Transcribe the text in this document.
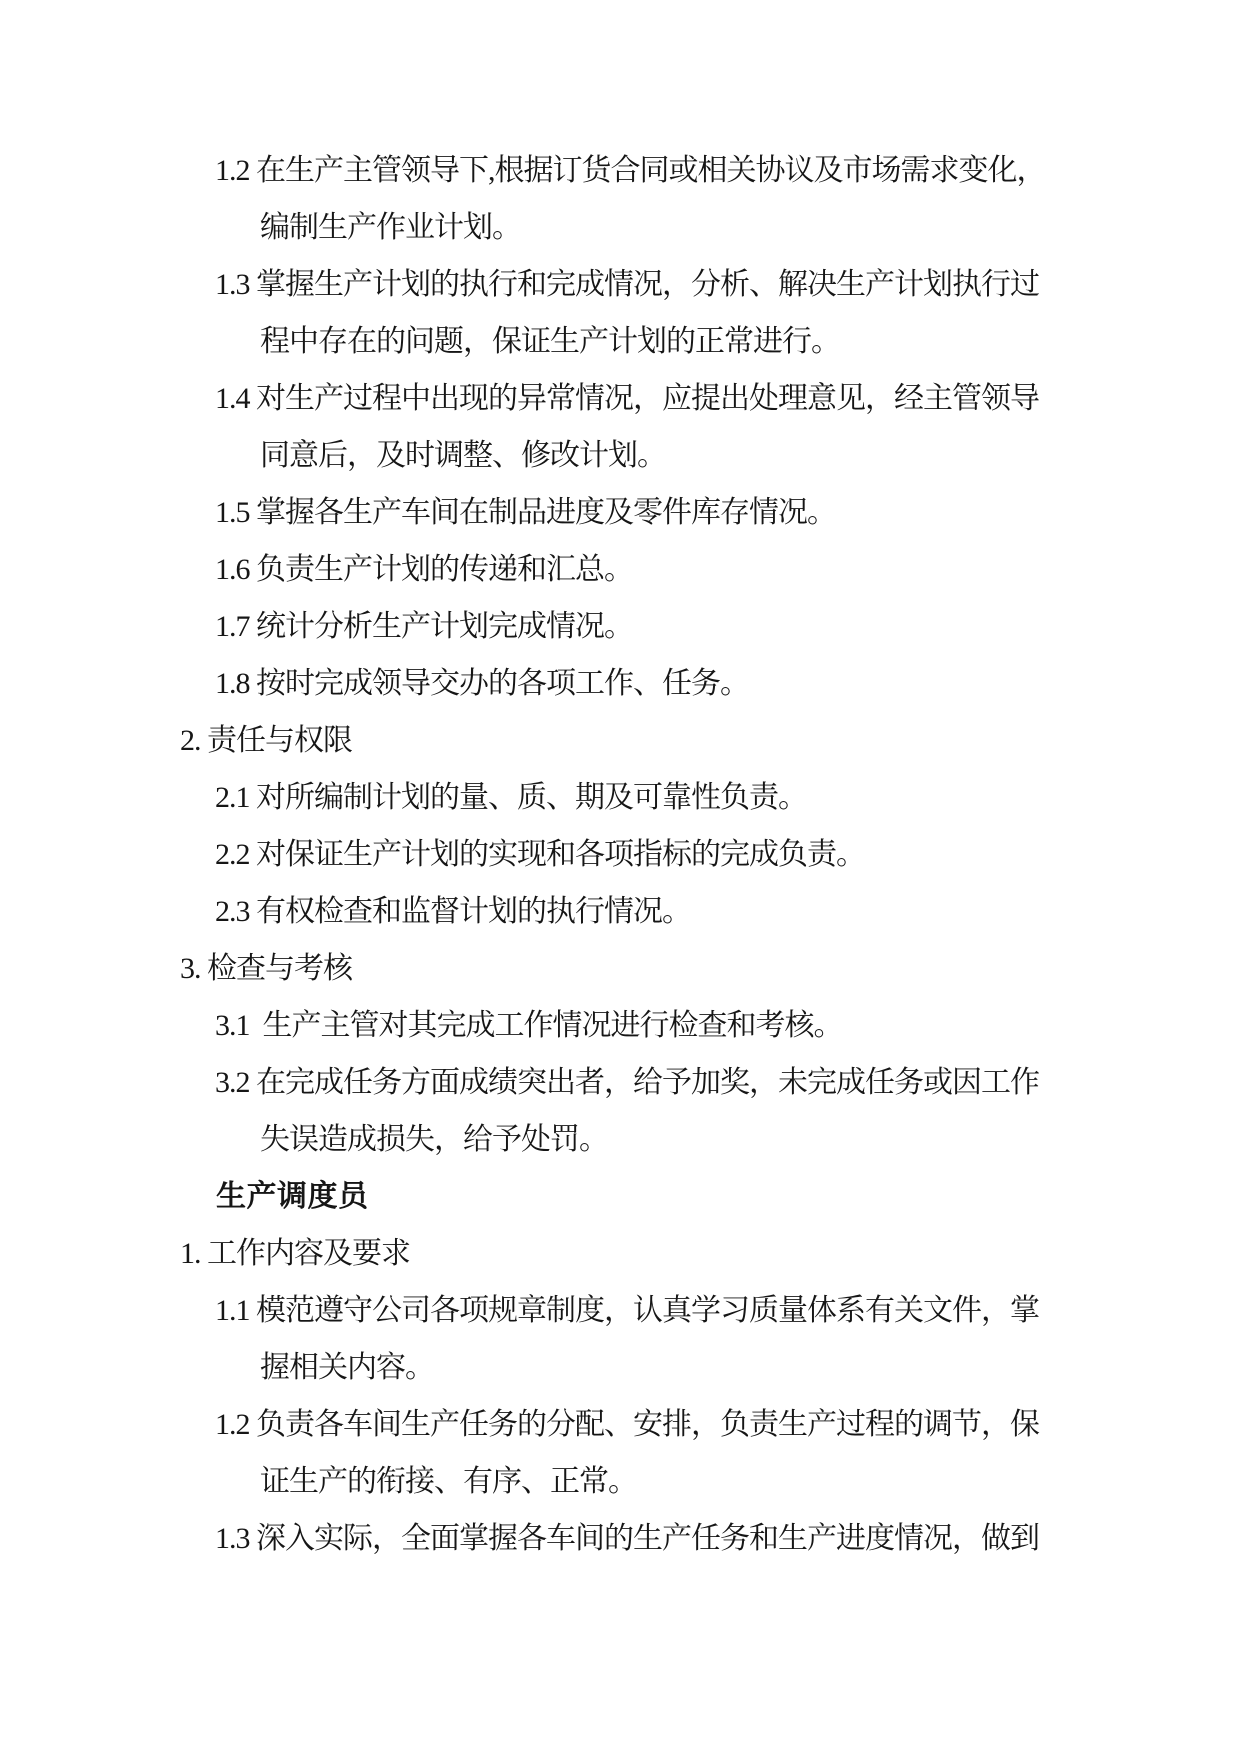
1.2 在生产主管领导下,根据订货合同或相关协议及市场需求变化，
编制生产作业计划。
1.3 掌握生产计划的执行和完成情况，分析、解决生产计划执行过
程中存在的问题，保证生产计划的正常进行。
1.4 对生产过程中出现的异常情况，应提出处理意见，经主管领导
同意后，及时调整、修改计划。
1.5 掌握各生产车间在制品进度及零件库存情况。
1.6 负责生产计划的传递和汇总。
1.7 统计分析生产计划完成情况。
1.8 按时完成领导交办的各项工作、任务。
2. 责任与权限
2.1 对所编制计划的量、质、期及可靠性负责。
2.2 对保证生产计划的实现和各项指标的完成负责。
2.3 有权检查和监督计划的执行情况。
3. 检查与考核
3.1  生产主管对其完成工作情况进行检查和考核。
3.2 在完成任务方面成绩突出者，给予加奖，未完成任务或因工作
失误造成损失，给予处罚。
生产调度员
1. 工作内容及要求
1.1 模范遵守公司各项规章制度，认真学习质量体系有关文件，掌
握相关内容。
1.2 负责各车间生产任务的分配、安排，负责生产过程的调节，保
证生产的衔接、有序、正常。
1.3 深入实际，全面掌握各车间的生产任务和生产进度情况，做到
